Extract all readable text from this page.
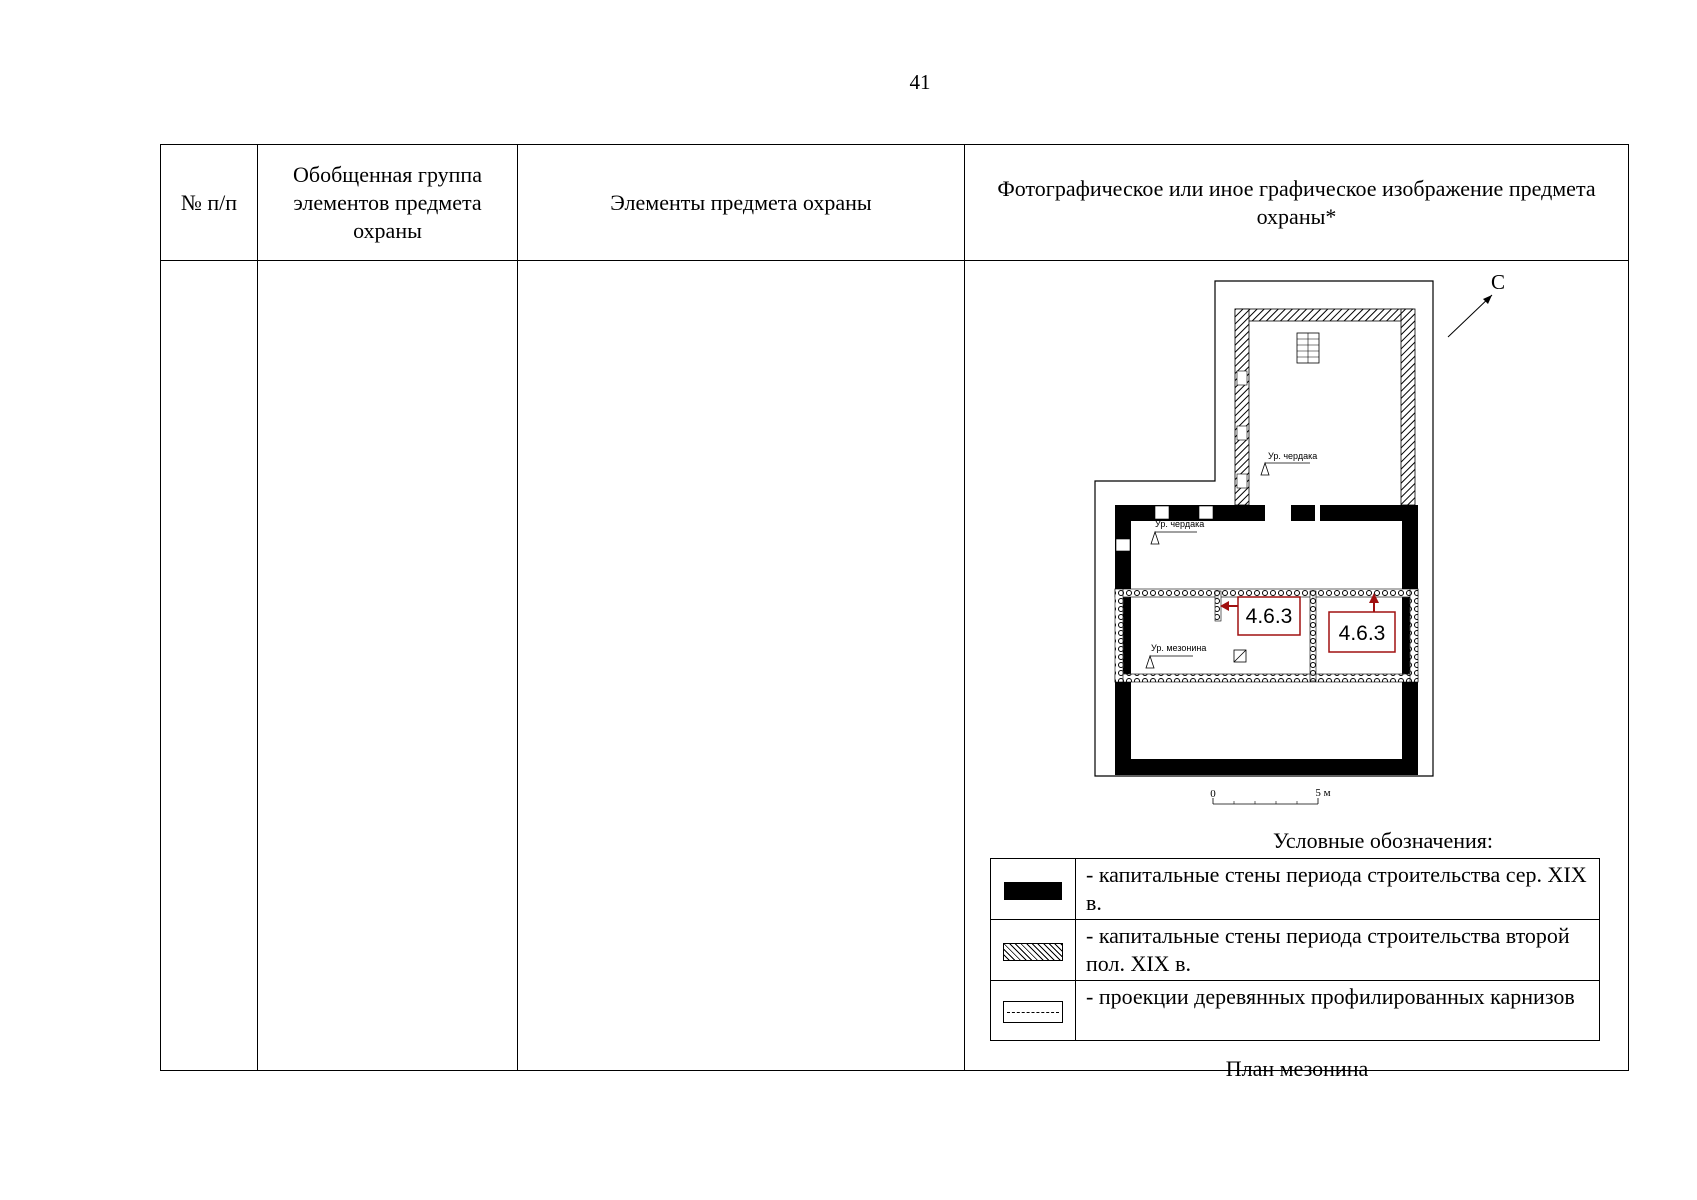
41
№ п/п	Обобщенная группа элементов предмета охраны	Элементы предмета охраны	Фотографическое или иное графическое изображение предмета охраны*

Ур. чердака
Ур. чердака
Ур. мезонина
4.6.3
4.6.3
С
0	5 м
Условные обозначения:
	- капитальные стены периода строительства сер. XIX в.
	- капитальные стены периода строительства второй пол. XIX в.
	- проекции деревянных профилированных карнизов
План мезонина
